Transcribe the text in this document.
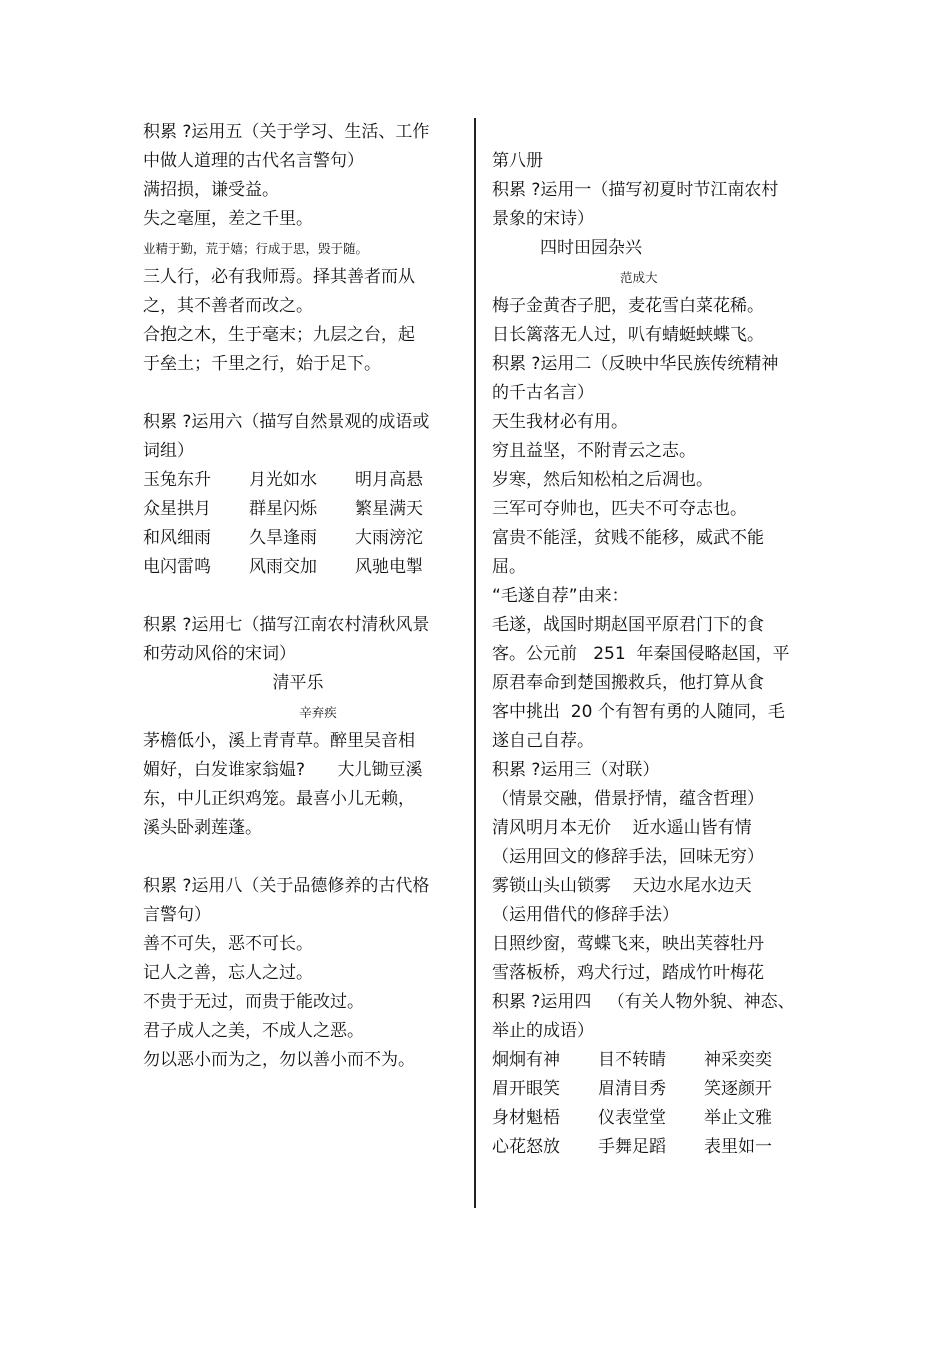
积累 ?运用五（关于学习、生活、工作

中做人道理的古代名言警句）

满招损，谦受益。

失之毫厘，差之千里。

业精于勤，荒于嬉；行成于思，毁于随。

三人行，必有我师焉。择其善者而从

之，其不善者而改之。

合抱之木，生于毫末；九层之台，起

于垒土；千里之行，始于足下。

积累 ?运用六（描写自然景观的成语或

词组）

玉兔东升 月光如水 明月高悬

众星拱月 群星闪烁 繁星满天

和风细雨 久旱逢雨 大雨滂沱

电闪雷鸣 风雨交加 风驰电掣

积累 ?运用七（描写江南农村清秋风景

和劳动风俗的宋词）

清平乐

辛弃疾

茅檐低小，溪上青青草。醉里吴音相

媚好，白发谁家翁媪?      大儿锄豆溪

东，中儿正织鸡笼。最喜小儿无赖，

溪头卧剥莲蓬。

积累 ?运用八（关于品德修养的古代格

言警句）

善不可失，恶不可长。

记人之善，忘人之过。

不贵于无过，而贵于能改过。

君子成人之美，不成人之恶。

勿以恶小而为之，勿以善小而不为。

第八册

积累 ?运用一（描写初夏时节江南农村

景象的宋诗）

四时田园杂兴

范成大

梅子金黄杏子肥，麦花雪白菜花稀。

日长篱落无人过，叭有蜻蜓蛱蝶飞。

积累 ?运用二（反映中华民族传统精神

的千古名言）

天生我材必有用。

穷且益坚，不附青云之志。

岁寒，然后知松柏之后凋也。

三军可夺帅也，匹夫不可夺志也。

富贵不能淫，贫贱不能移，威武不能

屈。

“毛遂自荐”由来：

毛遂，战国时期赵国平原君门下的食

客。公元前   251  年秦国侵略赵国，平

原君奉命到楚国搬救兵，他打算从食

客中挑出  20 个有智有勇的人随同，毛

遂自己自荐。

积累 ?运用三（对联）

（情景交融，借景抒情，蕴含哲理）

清风明月本无价    近水遥山皆有情

（运用回文的修辞手法，回味无穷）

雾锁山头山锁雾    天边水尾水边天

（运用借代的修辞手法）

日照纱窗，莺蝶飞来，映出芙蓉牡丹

雪落板桥，鸡犬行过，踏成竹叶梅花

积累 ?运用四   （有关人物外貌、神态、

举止的成语）

炯炯有神 目不转睛 神采奕奕

眉开眼笑 眉清目秀 笑逐颜开

身材魁梧 仪表堂堂 举止文雅

心花怒放 手舞足蹈 表里如一
